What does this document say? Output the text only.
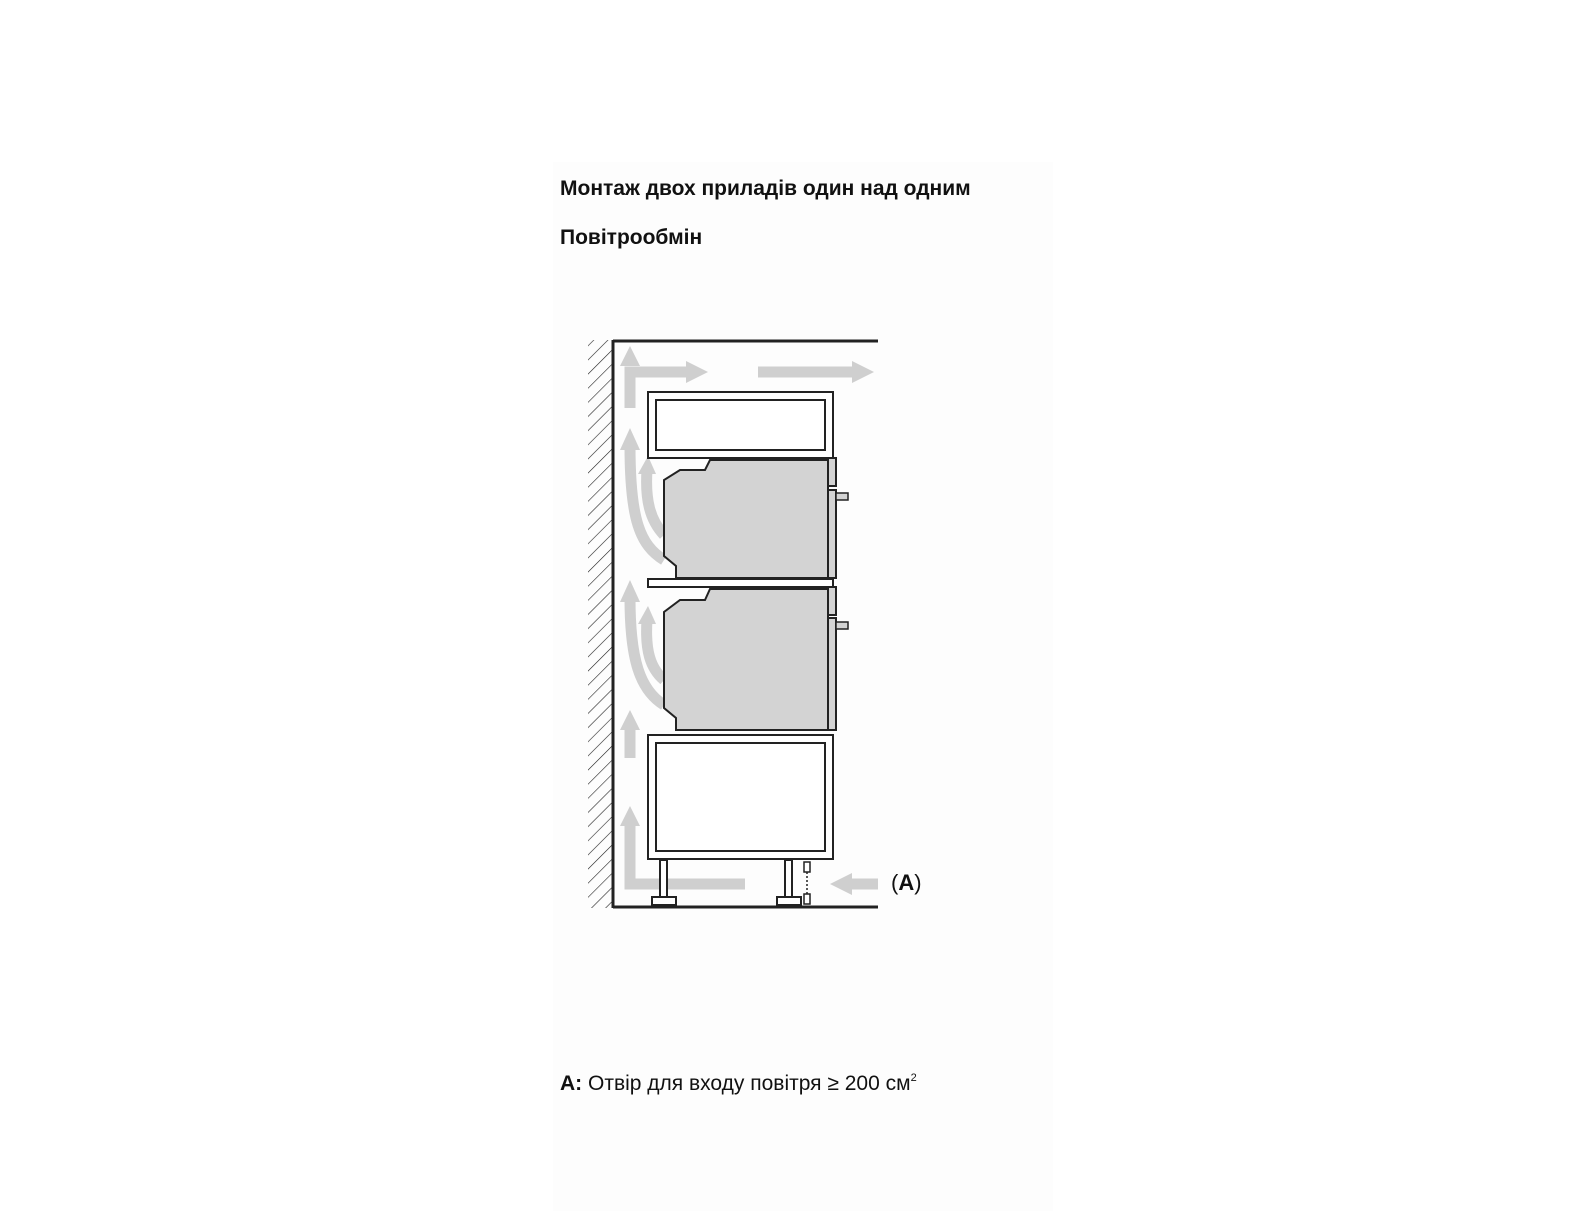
Монтаж двох приладів один над одним
Повітрообмін
(A)
A: Отвір для входу повітря ≥ 200 $см^2$
